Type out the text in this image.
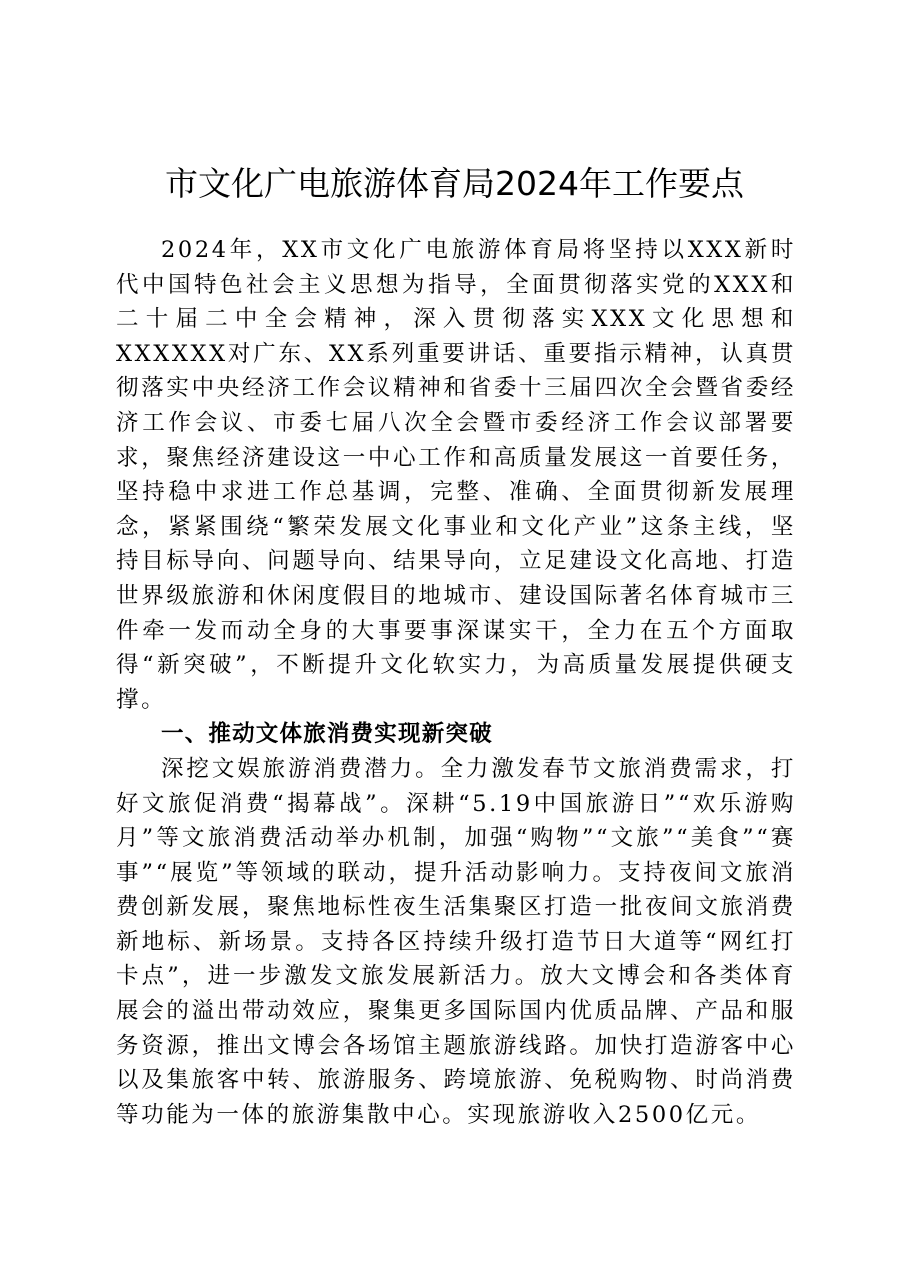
市文化广电旅游体育局2024年工作要点

2024年，XX市文化广电旅游体育局将坚持以XXX新时代中国特色社会主义思想为指导，全面贯彻落实党的XXX和二十届二中全会精神，深入贯彻落实XXX文化思想和XXXXXX对广东、XX系列重要讲话、重要指示精神，认真贯彻落实中央经济工作会议精神和省委十三届四次全会暨省委经济工作会议、市委七届八次全会暨市委经济工作会议部署要求，聚焦经济建设这一中心工作和高质量发展这一首要任务，坚持稳中求进工作总基调，完整、准确、全面贯彻新发展理念，紧紧围绕“繁荣发展文化事业和文化产业”这条主线，坚持目标导向、问题导向、结果导向，立足建设文化高地、打造世界级旅游和休闲度假目的地城市、建设国际著名体育城市三件牵一发而动全身的大事要事深谋实干，全力在五个方面取得“新突破”，不断提升文化软实力，为高质量发展提供硬支撑。

一、推动文体旅消费实现新突破

深挖文娱旅游消费潜力。全力激发春节文旅消费需求，打好文旅促消费“揭幕战”。深耕“5.19中国旅游日”“欢乐游购月”等文旅消费活动举办机制，加强“购物”“文旅”“美食”“赛事”“展览”等领域的联动，提升活动影响力。支持夜间文旅消费创新发展，聚焦地标性夜生活集聚区打造一批夜间文旅消费新地标、新场景。支持各区持续升级打造节日大道等“网红打卡点”，进一步激发文旅发展新活力。放大文博会和各类体育展会的溢出带动效应，聚集更多国际国内优质品牌、产品和服务资源，推出文博会各场馆主题旅游线路。加快打造游客中心以及集旅客中转、旅游服务、跨境旅游、免税购物、时尚消费等功能为一体的旅游集散中心。实现旅游收入2500亿元。
